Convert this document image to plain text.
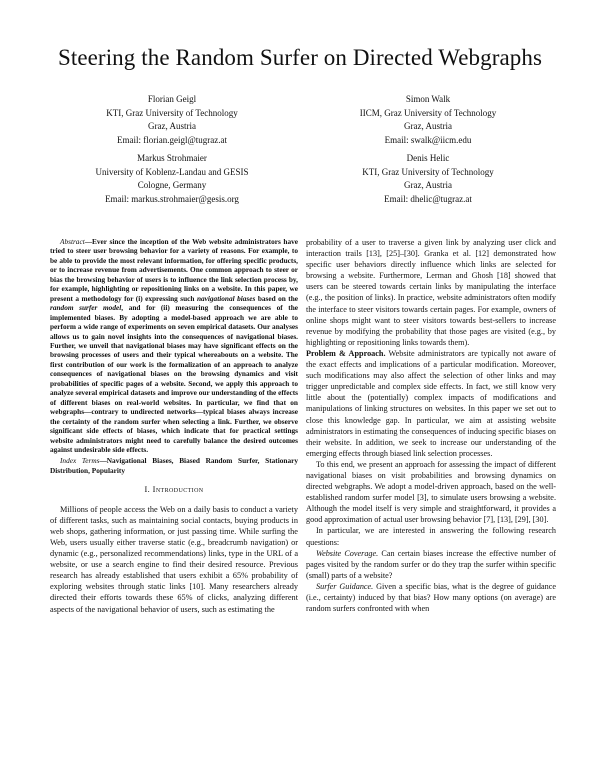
Steering the Random Surfer on Directed Webgraphs
Florian Geigl
KTI, Graz University of Technology
Graz, Austria
Email: florian.geigl@tugraz.at
Simon Walk
IICM, Graz University of Technology
Graz, Austria
Email: swalk@iicm.edu
Markus Strohmaier
University of Koblenz-Landau and GESIS
Cologne, Germany
Email: markus.strohmaier@gesis.org
Denis Helic
KTI, Graz University of Technology
Graz, Austria
Email: dhelic@tugraz.at

Abstract—Ever since the inception of the Web website administrators have tried to steer user browsing behavior for a variety of reasons. For example, to be able to provide the most relevant information, for offering specific products, or to increase revenue from advertisements. One common approach to steer or bias the browsing behavior of users is to influence the link selection process by, for example, highlighting or repositioning links on a website. In this paper, we present a methodology for (i) expressing such navigational biases based on the random surfer model, and for (ii) measuring the consequences of the implemented biases. By adopting a model-based approach we are able to perform a wide range of experiments on seven empirical datasets. Our analyses allows us to gain novel insights into the consequences of navigational biases. Further, we unveil that navigational biases may have significant effects on the browsing processes of users and their typical whereabouts on a website. The first contribution of our work is the formalization of an approach to analyze consequences of navigational biases on the browsing dynamics and visit probabilities of specific pages of a website. Second, we apply this approach to analyze several empirical datasets and improve our understanding of the effects of different biases on real-world websites. In particular, we find that on webgraphs—contrary to undirected networks—typical biases always increase the certainty of the random surfer when selecting a link. Further, we observe significant side effects of biases, which indicate that for practical settings website administrators might need to carefully balance the desired outcomes against undesirable side effects.

Index Terms—Navigational Biases, Biased Random Surfer, Stationary Distribution, Popularity

I. Introduction

Millions of people access the Web on a daily basis to conduct a variety of different tasks, such as maintaining social contacts, buying products in web shops, gathering information, or just passing time. While surfing the Web, users usually either traverse static (e.g., breadcrumb navigation) or dynamic (e.g., personalized recommendations) links, type in the URL of a website, or use a search engine to find their desired resource. Previous research has already established that users exhibit a 65% probability of exploring websites through static links [10]. Many researchers already directed their efforts towards these 65% of clicks, analyzing different aspects of the navigational behavior of users, such as estimating the

probability of a user to traverse a given link by analyzing user click and interaction trails [13], [25]–[30]. Granka et al. [12] demonstrated how specific user behaviors directly influence which links are selected for browsing a website. Furthermore, Lerman and Ghosh [18] showed that users can be steered towards certain links by manipulating the interface (e.g., the position of links). In practice, website administrators often modify the interface to steer visitors towards certain pages. For example, owners of online shops might want to steer visitors towards best-sellers to increase revenue by modifying the probability that those pages are visited (e.g., by highlighting or repositioning links towards them).

Problem & Approach. Website administrators are typically not aware of the exact effects and implications of a particular modification. Moreover, such modifications may also affect the selection of other links and may trigger unpredictable and complex side effects. In fact, we still know very little about the (potentially) complex impacts of modifications and manipulations of linking structures on websites. In this paper we set out to close this knowledge gap. In particular, we aim at assisting website administrators in estimating the consequences of inducing specific biases on their website. In addition, we seek to increase our understanding of the emerging effects through biased link selection processes.

To this end, we present an approach for assessing the impact of different navigational biases on visit probabilities and browsing dynamics on directed webgraphs. We adopt a model-driven approach, based on the well-established random surfer model [3], to simulate users browsing a website. Although the model itself is very simple and straightforward, it provides a good approximation of actual user browsing behavior [7], [13], [29], [30].

In particular, we are interested in answering the following research questions:

Website Coverage. Can certain biases increase the effective number of pages visited by the random surfer or do they trap the surfer within specific (small) parts of a website?

Surfer Guidance. Given a specific bias, what is the degree of guidance (i.e., certainty) induced by that bias? How many options (on average) are random surfers confronted with when
